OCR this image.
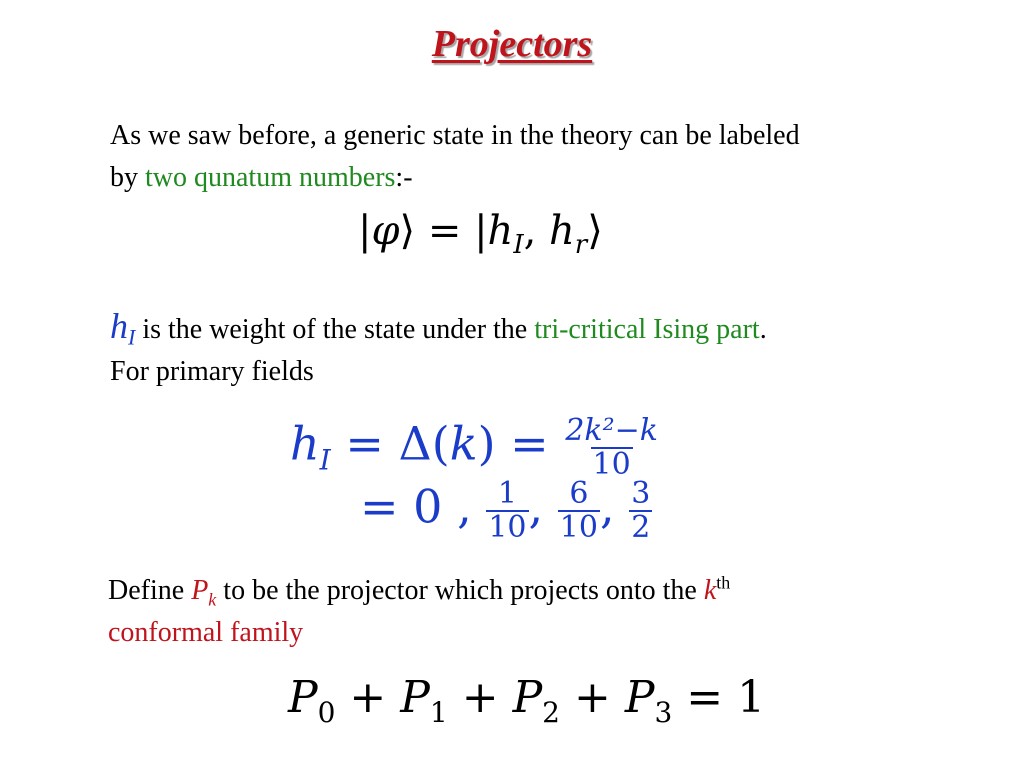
Projectors
As we saw before, a generic state in the theory can be labeled
by two qunatum numbers:-
|φ⟩ = $|h_I$, $h_r⟩$
$h_I$ is the weight of the state under the tri-critical Ising part.
For primary fields
$h_I = \Delta(k) = \frac{\text{2k²−k}}{10}$
= 0 , $\frac{1}{10}$ , $\frac{6}{10}$ , $\frac{3}{2}$
Define $P_k$ to be the projector which projects onto the $k^{th}$
conformal family
$P_0 + P_1 + P_2 + P_3 = 1$
